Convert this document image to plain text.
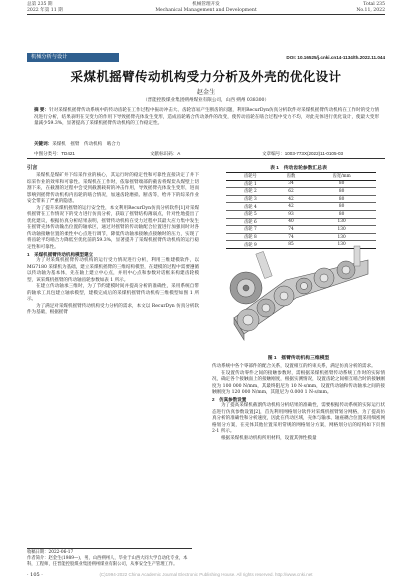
总第 235 期
2022 年第 11 期
机械管理开发
Mechanical Management and Development
Total 235
No.11, 2022
机械分析与设计	DOI: 10.16525/j.cnki.cn14-1134/th.2022.11.044
采煤机摇臂传动机构受力分析及外壳的优化设计
赵金生
（晋能控股煤业集团朔州煤业有限公司，山西 朔州 038300）
摘 要：针对采煤机摇臂传动系统中的传动齿轮在工作过程中振动冲击大、齿轮容易产生断齿的问题，利用RecurDyn仿真分析软件对采煤机摇臂传动机构在工作时的受力情况进行分析，结果表明在交变力的作用下导致摇臂壳体发生变形，造成齿轮啮合传动条件的改变，使传动齿轮在啮合过程中受力不均，对此壳体进行优化设计，使最大变形量减少59.3%，显著提高了采煤机摇臂传动机构的工作稳定性。
关键词：采煤机　摇臂　传动机构　啮合力
中图分类号：TD421	文献标识码：A	文章编号：1003-773X(2022)11-0105-03
引言

采煤机是煤矿井下综采作业的核心，其运行时的稳定性和可靠性直接决定了井下综采作业的效率和可靠性。采煤机在工作时，依靠摇臂端部的截齿将煤炭从煤壁上切割下来，在截割的过程中会受到截割载荷的冲击作用，导致摇臂壳体发生变形，进而影响到摇臂传动机构内齿轮的啮合情况，加速齿轮磨损、断齿等，给井下的综采作业安全带来了严重的隐患。

为了提升采煤机摇臂的运行安全性，本文利用RecurDyn仿真分析软件[1]对采煤机摇臂在工作情况下的受力进行仿真分析，获取了摇臂结构薄弱点，针对性地提出了优化建议，根据仿真分析结果表明，摇臂传动机构在受力过程中其最大应力集中发生在摇臂壳体传动输出位置的轴承区，通过对摇臂的传动轴配合位置进行加强同时对各传动轴接触位置的柔性中心点进行调节，降低传动轴承接触点接触时的压力，实现了将齿轮平均啮合力降低至优化前的59.3%，显著提升了采煤机摇臂传动机构的运行稳定性和可靠性。

1　采煤机摇臂传动机构模型建立

为了对采煤机摇臂传动机构的运行受力情况进行分析，利用三维建模软件，以 MG7180 采煤机为基础，建立采煤机摇臂的三维结构模型，在建模的过程中需要遵循以传动轴为基本体，先在轴上建立中心点，并用中心点和参数对话框来构建齿轮模型，该采煤机摇臂的传动轴齿轮参数如表 1 所示。

在建立传动轴承三维时，为了节约建模时间并提高分析的准确性，采用系统自带的轴承工具包建立轴承模型，建模完成后的采煤机摇臂传动机构三维模型如图 1 所示。

为了满足对采煤机摇臂传动机构受力分析的需求，本文以 RecurDyn 仿真分析软件为基础，根据摇臂

表 1　传动齿轮参数汇总表
齿轮号	齿数	齿宽/mm
齿轮 1	34	80
齿轮 2	62	80
齿轮 3	42	80
齿轮 4	42	80
齿轮 5	93	80
齿轮 6	40	130
齿轮 7	74	130
齿轮 8	74	130
齿轮 9	85	130
图 1　摇臂传动机构三维模型

传动系统中各个零部件的配合关系，设置相互的约束关系，满足仿真分析的需求。

在设置传动零件之间的接触参数时，需根据采煤机摇臂传动系统工作时的实际情况，确定各个接触面上的接触刚度，根据实测情况，设置齿轮之间相互啮合时的接触刚度为 100 000 N/mm，其最终阻尼为 10 N·s/mm，设置传动轴和传动轴承之间的接触刚度为 120 000 N/mm，其阻尼为 0.000 1 N·s/mm。

2　仿真参数设置

为了提高采煤机截割传动机构分析结果的准确性，需要根据传动系统的实际运行状态进行仿真参数设置[2]，首先利用网格划分软件对采煤机摇臂划分网格，为了提高仿真分析的准确性和分析速度，因此在传动区域，壳体与输承、轴座耦合位置采用细密网格划分方案，在壳体其他位置采用常规的网格划分方案，网格划分后的结构如下页图 2-1 所示。

根据采煤机驱动机构所用材料，设置其弹性模量

收稿日期：2022-06-17
作者简介：赵金生(1989—)，男，山西朔州人，毕业于山西大同大学自动化专业，本科，工程师，任晋能控股煤业集团朔州煤业有限公司，从事安全生产管理工作。
· 105 ·	(C)1994-2022 China Academic Journal Electronic Publishing House. All rights reserved. http://www.cnki.net
